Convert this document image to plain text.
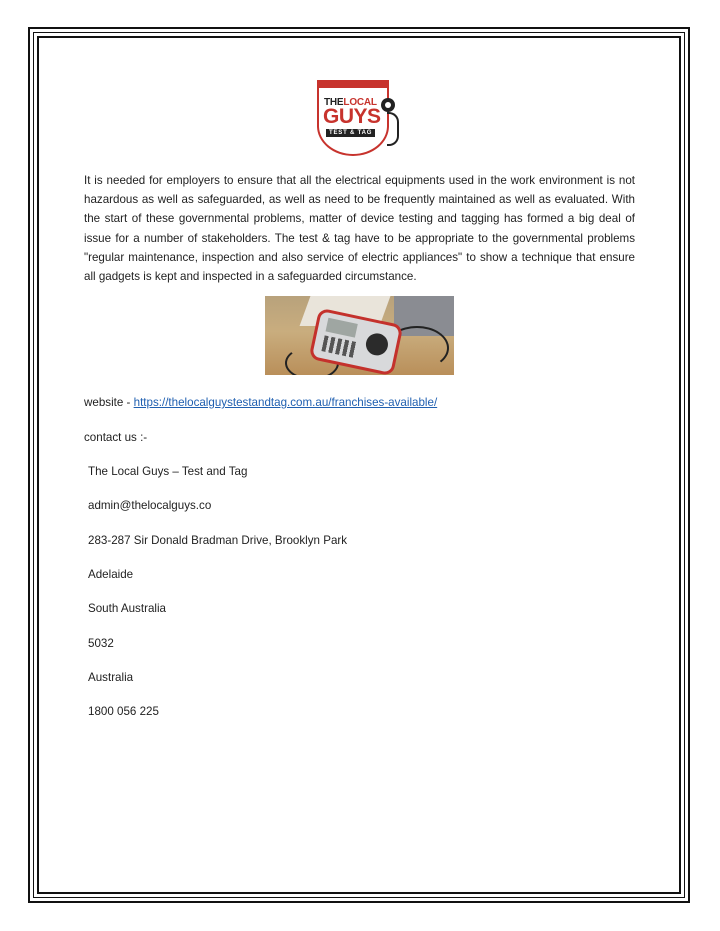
THELOCAL
GUYS
TEST & TAG

It is needed for employers to ensure that all the electrical equipments used in the work environment is not hazardous as well as safeguarded, as well as need to be frequently maintained as well as evaluated. With the start of these governmental problems, matter of device testing and tagging has formed a big deal of issue for a number of stakeholders. The test & tag have to be appropriate to the governmental problems "regular maintenance, inspection and also service of electric appliances" to show a technique that ensure all gadgets is kept and inspected in a safeguarded circumstance.

website - https://thelocalguystestandtag.com.au/franchises-available/

contact us :-

The Local Guys – Test and Tag

admin@thelocalguys.co

283-287 Sir Donald Bradman Drive, Brooklyn Park

Adelaide

South Australia

5032

Australia

1800 056 225
